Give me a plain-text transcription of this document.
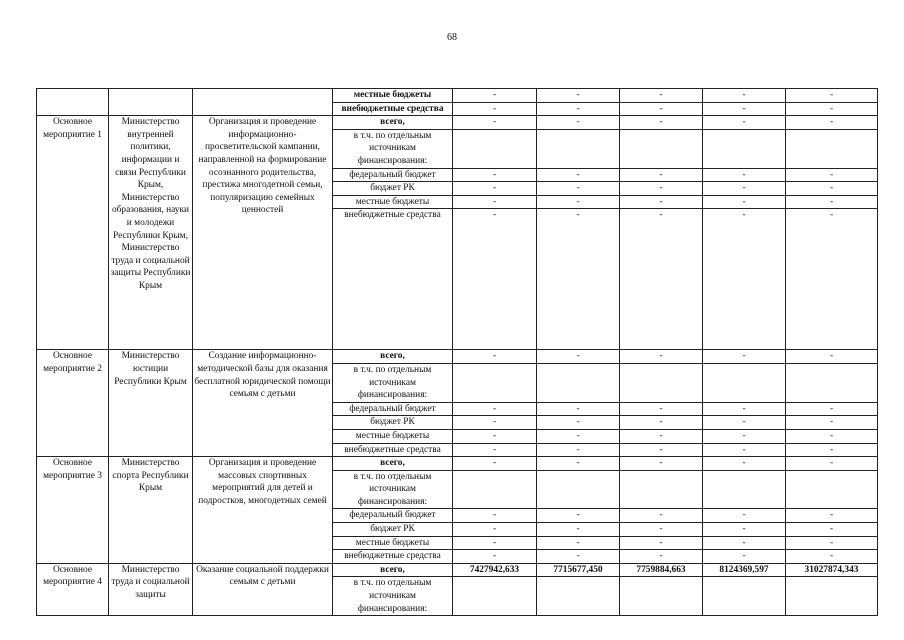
68
			местные бюджеты	-	-	-	-	-
			внебюджетные средства	-	-	-	-	-
Основное мероприятие 1	Министерство внутренней политики, информации и связи Республики Крым, Министерство образования, науки и молодежи Республики Крым, Министерство труда и социальной защиты Республики Крым	Организация и проведение информационно-просветительской кампании, направленной на формирование осознанного родительства, престижа многодетной семьи, популяризацию семейных ценностей	всего,	-	-	-	-	-
			в т.ч. по отдельным источникам финансирования:					
			федеральный бюджет	-	-	-	-	-
			бюджет РК	-	-	-	-	-
			местные бюджеты	-	-	-	-	-
			внебюджетные средства	-	-	-	-	-
Основное мероприятие 2	Министерство юстиции Республики Крым	Создание информационно-методической базы для оказания бесплатной юридической помощи семьям с детьми	всего,	-	-	-	-	-
			в т.ч. по отдельным источникам финансирования:					
			федеральный бюджет	-	-	-	-	-
			бюджет РК	-	-	-	-	-
			местные бюджеты	-	-	-	-	-
			внебюджетные средства	-	-	-	-	-
Основное мероприятие 3	Министерство спорта Республики Крым	Организация и проведение массовых спортивных мероприятий для детей и подростков, многодетных семей	всего,	-	-	-	-	-
			в т.ч. по отдельным источникам финансирования:					
			федеральный бюджет	-	-	-	-	-
			бюджет РК	-	-	-	-	-
			местные бюджеты	-	-	-	-	-
			внебюджетные средства	-	-	-	-	-
Основное мероприятие 4	Министерство труда и социальной защиты	Оказание социальной поддержки семьям с детьми	всего,	7427942,633	7715677,450	7759884,663	8124369,597	31027874,343
			в т.ч. по отдельным источникам финансирования:					
